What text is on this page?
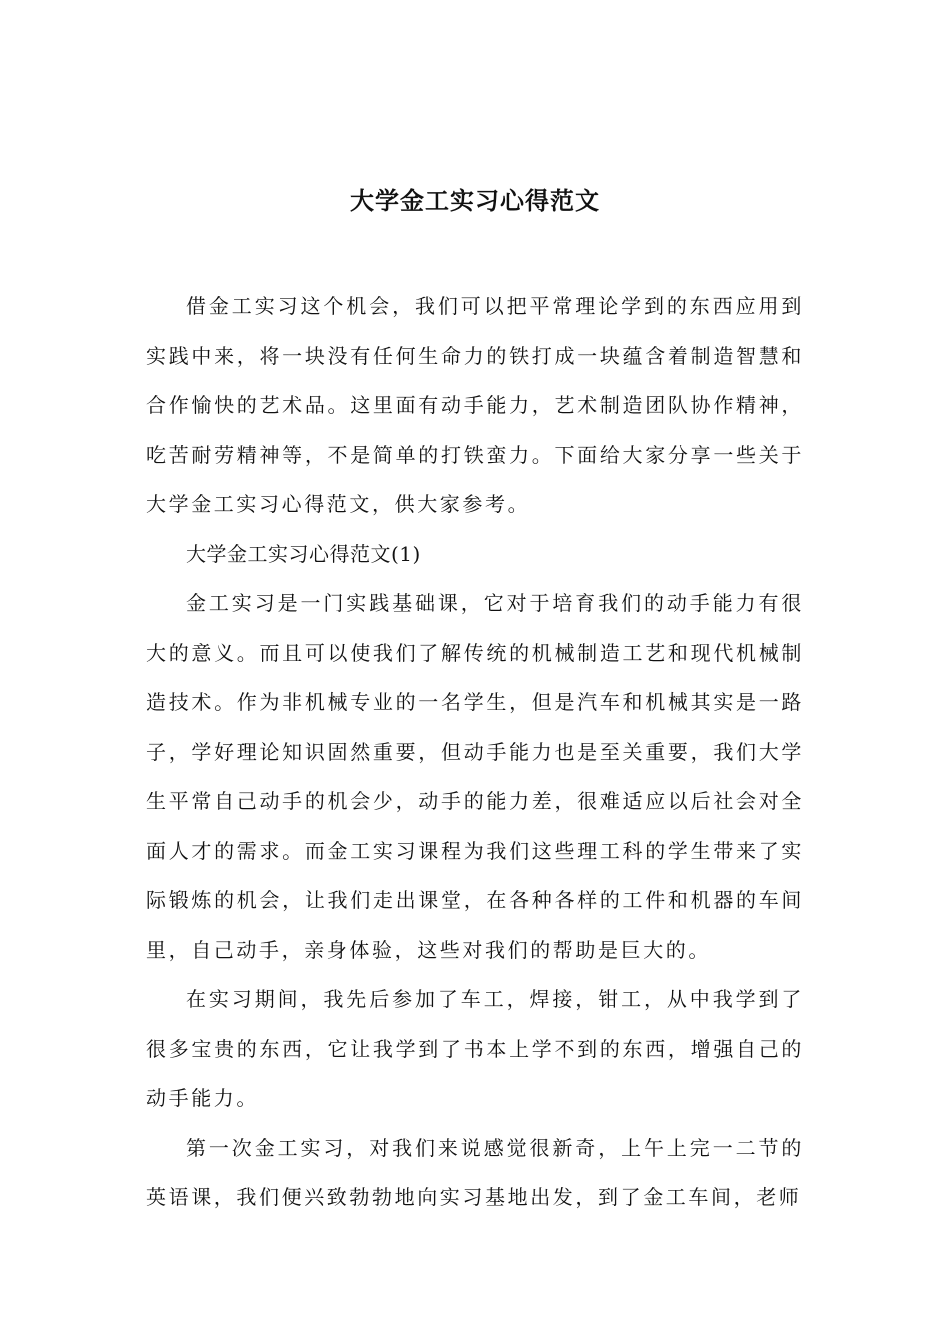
大学金工实习心得范文

借金工实习这个机会，我们可以把平常理论学到的东西应用到实践中来，将一块没有任何生命力的铁打成一块蕴含着制造智慧和合作愉快的艺术品。这里面有动手能力，艺术制造团队协作精神，吃苦耐劳精神等，不是简单的打铁蛮力。下面给大家分享一些关于大学金工实习心得范文，供大家参考。

大学金工实习心得范文(1)

金工实习是一门实践基础课，它对于培育我们的动手能力有很大的意义。而且可以使我们了解传统的机械制造工艺和现代机械制造技术。作为非机械专业的一名学生，但是汽车和机械其实是一路子，学好理论知识固然重要，但动手能力也是至关重要，我们大学生平常自己动手的机会少，动手的能力差，很难适应以后社会对全面人才的需求。而金工实习课程为我们这些理工科的学生带来了实际锻炼的机会，让我们走出课堂，在各种各样的工件和机器的车间里，自己动手，亲身体验，这些对我们的帮助是巨大的。

在实习期间，我先后参加了车工，焊接，钳工，从中我学到了很多宝贵的东西，它让我学到了书本上学不到的东西，增强自己的动手能力。

第一次金工实习，对我们来说感觉很新奇，上午上完一二节的英语课，我们便兴致勃勃地向实习基地出发，到了金工车间，老师
